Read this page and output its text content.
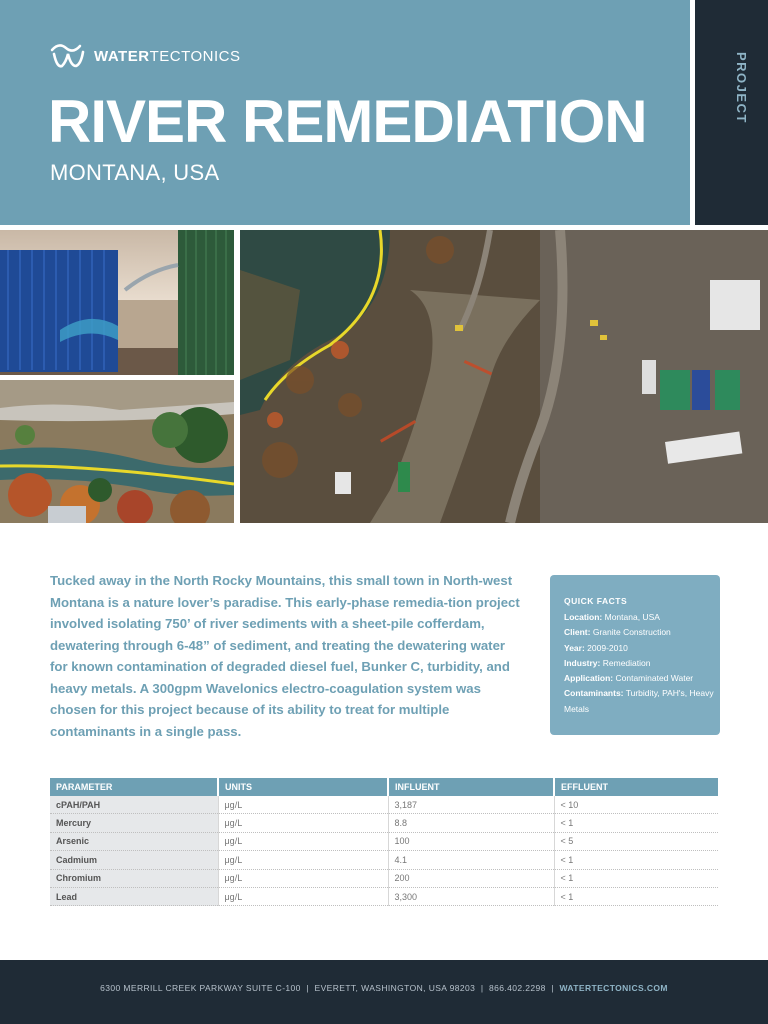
WATERTECTONICS
RIVER REMEDIATION
MONTANA, USA
PROJECT
Tucked away in the North Rocky Mountains, this small town in North-west Montana is a nature lover’s paradise. This early-phase remedia-tion project involved isolating 750’ of river sediments with a sheet-pile cofferdam, dewatering through 6-48” of sediment, and treating the dewatering water for known contamination of degraded diesel fuel, Bunker C, turbidity, and heavy metals. A 300gpm Wavelonics electro-coagulation system was chosen for this project because of its ability to treat for multiple contaminants in a single pass.
QUICK FACTS
Location: Montana, USA
Client: Granite Construction
Year: 2009-2010
Industry: Remediation
Application: Contaminated Water
Contaminants: Turbidity, PAH's, Heavy Metals
PARAMETER	UNITS	INFLUENT	EFFLUENT
cPAH/PAH	μg/L	3,187	< 10
Mercury	μg/L	8.8	< 1
Arsenic	μg/L	100	< 5
Cadmium	μg/L	4.1	< 1
Chromium	μg/L	200	< 1
Lead	μg/L	3,300	< 1
6300 MERRILL CREEK PARKWAY SUITE C-100  |  EVERETT, WASHINGTON, USA 98203  |  866.402.2298  |  WATERTECTONICS.COM
